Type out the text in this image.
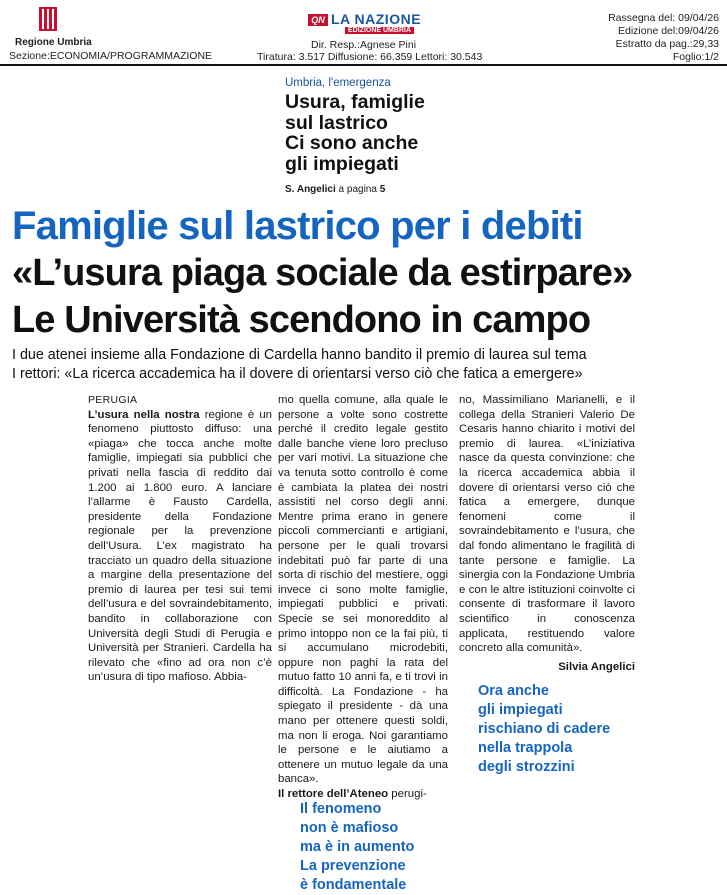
Regione Umbria
Sezione:ECONOMIA/PROGRAMMAZIONE
QN LA NAZIONE
EDIZIONE UMBRIA
Dir. Resp.:Agnese Pini
Tiratura: 3.517 Diffusione: 66.359 Lettori: 30.543
Rassegna del: 09/04/26
Edizione del:09/04/26
Estratto da pag.:29,33
Foglio:1/2
Umbria, l'emergenza
Usura, famiglie
sul lastrico
Ci sono anche
gli impiegati
S. Angelici a pagina 5
Famiglie sul lastrico per i debiti
«L’usura piaga sociale da estirpare»
Le Università scendono in campo
I due atenei insieme alla Fondazione di Cardella hanno bandito il premio di laurea sul tema
I rettori: «La ricerca accademica ha il dovere di orientarsi verso ciò che fatica a emergere»

PERUGIA

L’usura nella nostra regione è un fenomeno piuttosto diffuso: una «piaga» che tocca anche molte famiglie, impiegati sia pubblici che privati nella fascia di reddito dai 1.200 ai 1.800 euro. A lanciare l’allarme è Fausto Cardella, presidente della Fondazione regionale per la prevenzione dell’Usura. L’ex magistrato ha tracciato un quadro della situazione a margine della presentazione del premio di laurea per tesi sui temi dell’usura e del sovraindebitamento, bandito in collaborazione con Università degli Studi di Perugia e Università per Stranieri. Cardella ha rilevato che «fino ad ora non c’è un’usura di tipo mafioso. Abbia-

mo quella comune, alla quale le persone a volte sono costrette perché il credito legale gestito dalle banche viene loro precluso per vari motivi. La situazione che va tenuta sotto controllo è come è cambiata la platea dei nostri assistiti nel corso degli anni. Mentre prima erano in genere piccoli commercianti e artigiani, persone per le quali trovarsi indebitati può far parte di una sorta di rischio del mestiere, oggi invece ci sono molte famiglie, impiegati pubblici e privati. Specie se sei monoreddito al primo intoppo non ce la fai più, ti si accumulano microdebiti, oppure non paghi la rata del mutuo fatto 10 anni fa, e ti trovi in difficoltà. La Fondazione - ha spiegato il presidente - dà una mano per ottenere questi soldi, ma non li eroga. Noi garantiamo le persone e le aiutiamo a ottenere un mutuo legale da una banca».

Il rettore dell’Ateneo perugi-

no, Massimiliano Marianelli, e il collega della Stranieri Valerio De Cesaris hanno chiarito i motivi del premio di laurea. «L’iniziativa nasce da questa convinzione: che la ricerca accademica abbia il dovere di orientarsi verso ciò che fatica a emergere, dunque fenomeni come il sovraindebitamento e l’usura, che dal fondo alimentano le fragilità di tante persone e famiglie. La sinergia con la Fondazione Umbria e con le altre istituzioni coinvolte ci consente di trasformare il lavoro scientifico in conoscenza applicata, restituendo valore concreto alla comunità».

Silvia Angelici

Ora anche
gli impiegati
rischiano di cadere
nella trappola
degli strozzini
Il fenomeno
non è mafioso
ma è in aumento
La prevenzione
è fondamentale
